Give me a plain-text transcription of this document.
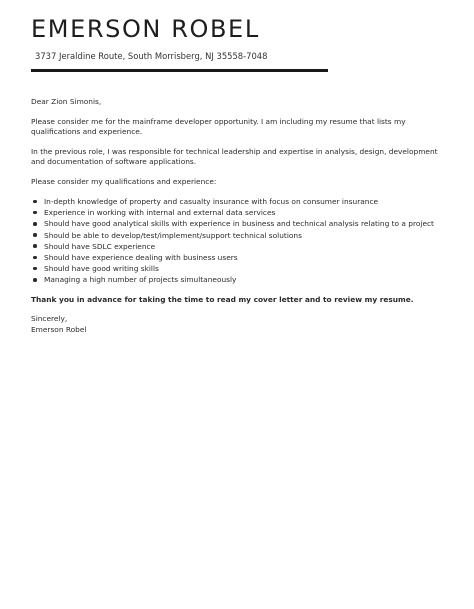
EMERSON ROBEL
3737 Jeraldine Route, South Morrisberg, NJ 35558-7048

Dear Zion Simonis,

Please consider me for the mainframe developer opportunity. I am including my resume that lists my qualifications and experience.

In the previous role, I was responsible for technical leadership and expertise in analysis, design, development and documentation of software applications.

Please consider my qualifications and experience:

In-depth knowledge of property and casualty insurance with focus on consumer insurance
Experience in working with internal and external data services
Should have good analytical skills with experience in business and technical analysis relating to a project
Should be able to develop/test/implement/support technical solutions
Should have SDLC experience
Should have experience dealing with business users
Should have good writing skills
Managing a high number of projects simultaneously

Thank you in advance for taking the time to read my cover letter and to review my resume.

Sincerely,

Emerson Robel
